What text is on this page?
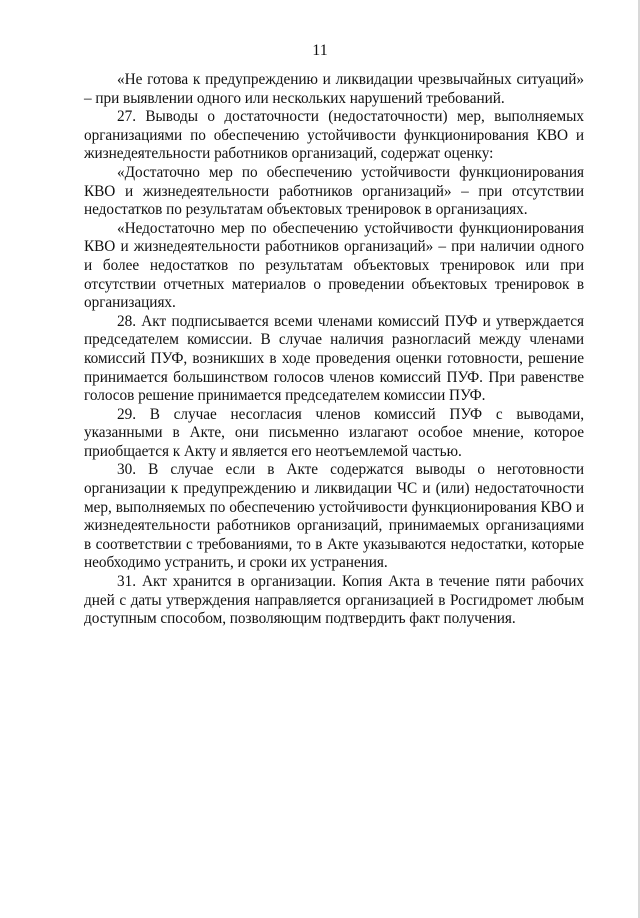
11

«Не готова к предупреждению и ликвидации чрезвычайных ситуаций» – при выявлении одного или нескольких нарушений требований.

27. Выводы о достаточности (недостаточности) мер, выполняемых организациями по обеспечению устойчивости функционирования КВО и жизнедеятельности работников организаций, содержат оценку:

«Достаточно мер по обеспечению устойчивости функционирования КВО и жизнедеятельности работников организаций» – при отсутствии недостатков по результатам объектовых тренировок в организациях.

«Недостаточно мер по обеспечению устойчивости функционирования КВО и жизнедеятельности работников организаций» – при наличии одного и более недостатков по результатам объектовых тренировок или при отсутствии отчетных материалов о проведении объектовых тренировок в организациях.

28. Акт подписывается всеми членами комиссий ПУФ и утверждается председателем комиссии. В случае наличия разногласий между членами комиссий ПУФ, возникших в ходе проведения оценки готовности, решение принимается большинством голосов членов комиссий ПУФ. При равенстве голосов решение принимается председателем комиссии ПУФ.

29. В случае несогласия членов комиссий ПУФ с выводами, указанными в Акте, они письменно излагают особое мнение, которое приобщается к Акту и является его неотъемлемой частью.

30. В случае если в Акте содержатся выводы о неготовности организации к предупреждению и ликвидации ЧС и (или) недостаточности мер, выполняемых по обеспечению устойчивости функционирования КВО и жизнедеятельности работников организаций, принимаемых организациями в соответствии с требованиями, то в Акте указываются недостатки, которые необходимо устранить, и сроки их устранения.

31. Акт хранится в организации. Копия Акта в течение пяти рабочих дней с даты утверждения направляется организацией в Росгидромет любым доступным способом, позволяющим подтвердить факт получения.
